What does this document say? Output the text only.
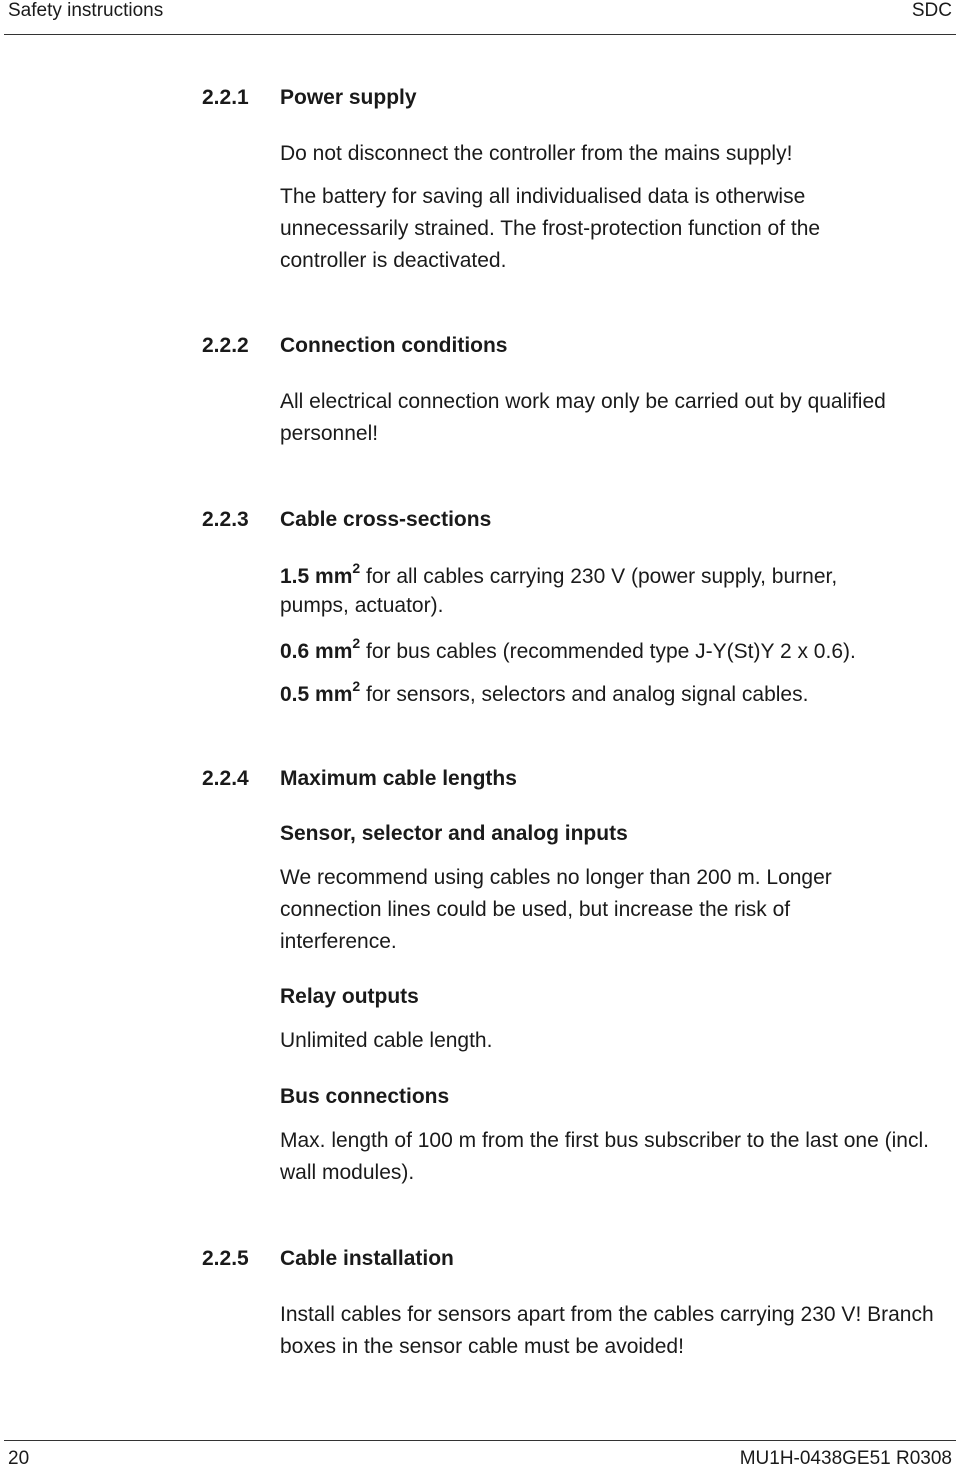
Safety instructions	SDC
2.2.1 Power supply
Do not disconnect the controller from the mains supply!
The battery for saving all individualised data is otherwise unnecessarily strained. The frost-protection function of the controller is deactivated.
2.2.2 Connection conditions
All electrical connection work may only be carried out by qualified personnel!
2.2.3 Cable cross-sections
1.5 $mm^2$ for all cables carrying 230 V (power supply, burner,
pumps, actuator).
0.6 $mm^2$ for bus cables (recommended type J-Y(St)Y 2 x 0.6).
0.5 $mm^2$ for sensors, selectors and analog signal cables.
2.2.4 Maximum cable lengths
Sensor, selector and analog inputs
We recommend using cables no longer than 200 m. Longer connection lines could be used, but increase the risk of interference.
Relay outputs
Unlimited cable length.
Bus connections
Max. length of 100 m from the first bus subscriber to the last one (incl. wall modules).
2.2.5 Cable installation
Install cables for sensors apart from the cables carrying 230 V! Branch boxes in the sensor cable must be avoided!
20	MU1H-0438GE51 R0308
